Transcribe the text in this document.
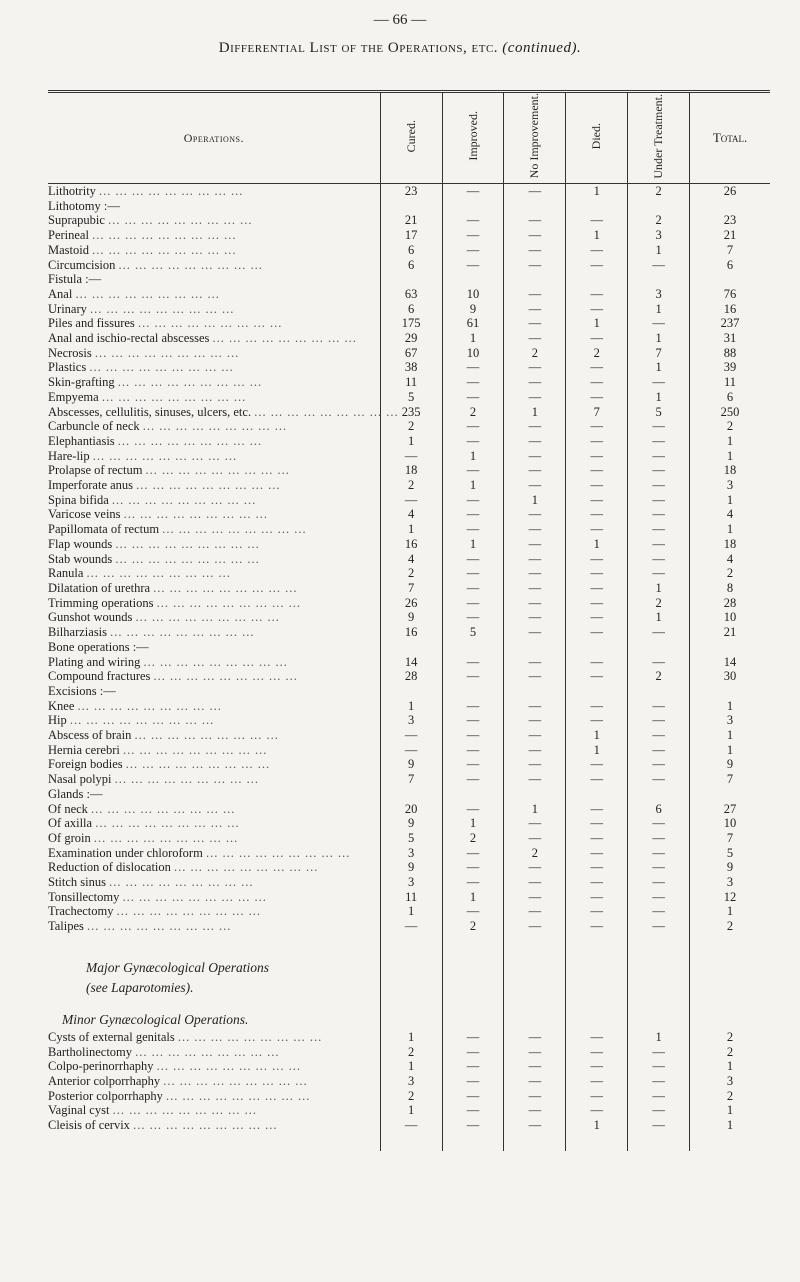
— 66 —
Differential List of the Operations, etc. (continued).
Operations.	Cured.	Improved.	No Improvement.	Died.	Under Treatment.	Total.
Lithotrity ... ... ... ... ... ... ... ... ...	23	—	—	1	2	26
Lithotomy :—						
Suprapubic ... ... ... ... ... ... ... ... ...	21	—	—	—	2	23
Perineal ... ... ... ... ... ... ... ... ...	17	—	—	1	3	21
Mastoid ... ... ... ... ... ... ... ... ...	6	—	—	—	1	7
Circumcision ... ... ... ... ... ... ... ... ...	6	—	—	—	—	6
Fistula :—						
Anal ... ... ... ... ... ... ... ... ...	63	10	—	—	3	76
Urinary ... ... ... ... ... ... ... ... ...	6	9	—	—	1	16
Piles and fissures ... ... ... ... ... ... ... ... ...	175	61	—	1	—	237
Anal and ischio-rectal abscesses ... ... ... ... ... ... ... ... ...	29	1	—	—	1	31
Necrosis ... ... ... ... ... ... ... ... ...	67	10	2	2	7	88
Plastics ... ... ... ... ... ... ... ... ...	38	—	—	—	1	39
Skin-grafting ... ... ... ... ... ... ... ... ...	11	—	—	—	—	11
Empyema ... ... ... ... ... ... ... ... ...	5	—	—	—	1	6
Abscesses, cellulitis, sinuses, ulcers, etc. ... ... ... ... ... ... ... ... ...	235	2	1	7	5	250
Carbuncle of neck ... ... ... ... ... ... ... ... ...	2	—	—	—	—	2
Elephantiasis ... ... ... ... ... ... ... ... ...	1	—	—	—	—	1
Hare-lip ... ... ... ... ... ... ... ... ...	—	1	—	—	—	1
Prolapse of rectum ... ... ... ... ... ... ... ... ...	18	—	—	—	—	18
Imperforate anus ... ... ... ... ... ... ... ... ...	2	1	—	—	—	3
Spina bifida ... ... ... ... ... ... ... ... ...	—	—	1	—	—	1
Varicose veins ... ... ... ... ... ... ... ... ...	4	—	—	—	—	4
Papillomata of rectum ... ... ... ... ... ... ... ... ...	1	—	—	—	—	1
Flap wounds ... ... ... ... ... ... ... ... ...	16	1	—	1	—	18
Stab wounds ... ... ... ... ... ... ... ... ...	4	—	—	—	—	4
Ranula ... ... ... ... ... ... ... ... ...	2	—	—	—	—	2
Dilatation of urethra ... ... ... ... ... ... ... ... ...	7	—	—	—	1	8
Trimming operations ... ... ... ... ... ... ... ... ...	26	—	—	—	2	28
Gunshot wounds ... ... ... ... ... ... ... ... ...	9	—	—	—	1	10
Bilharziasis ... ... ... ... ... ... ... ... ...	16	5	—	—	—	21
Bone operations :—						
Plating and wiring ... ... ... ... ... ... ... ... ...	14	—	—	—	—	14
Compound fractures ... ... ... ... ... ... ... ... ...	28	—	—	—	2	30
Excisions :—						
Knee ... ... ... ... ... ... ... ... ...	1	—	—	—	—	1
Hip ... ... ... ... ... ... ... ... ...	3	—	—	—	—	3
Abscess of brain ... ... ... ... ... ... ... ... ...	—	—	—	1	—	1
Hernia cerebri ... ... ... ... ... ... ... ... ...	—	—	—	1	—	1
Foreign bodies ... ... ... ... ... ... ... ... ...	9	—	—	—	—	9
Nasal polypi ... ... ... ... ... ... ... ... ...	7	—	—	—	—	7
Glands :—						
Of neck ... ... ... ... ... ... ... ... ...	20	—	1	—	6	27
Of axilla ... ... ... ... ... ... ... ... ...	9	1	—	—	—	10
Of groin ... ... ... ... ... ... ... ... ...	5	2	—	—	—	7
Examination under chloroform ... ... ... ... ... ... ... ... ...	3	—	2	—	—	5
Reduction of dislocation ... ... ... ... ... ... ... ... ...	9	—	—	—	—	9
Stitch sinus ... ... ... ... ... ... ... ... ...	3	—	—	—	—	3
Tonsillectomy ... ... ... ... ... ... ... ... ...	11	1	—	—	—	12
Trachectomy ... ... ... ... ... ... ... ... ...	1	—	—	—	—	1
Talipes ... ... ... ... ... ... ... ... ...	—	2	—	—	—	2

Major Gynæcological Operations						
(see Laparotomies).						

Minor Gynæcological Operations.						
Cysts of external genitals ... ... ... ... ... ... ... ... ...	1	—	—	—	1	2
Bartholinectomy ... ... ... ... ... ... ... ... ...	2	—	—	—	—	2
Colpo-perinorrhaphy ... ... ... ... ... ... ... ... ...	1	—	—	—	—	1
Anterior colporrhaphy ... ... ... ... ... ... ... ... ...	3	—	—	—	—	3
Posterior colporrhaphy ... ... ... ... ... ... ... ... ...	2	—	—	—	—	2
Vaginal cyst ... ... ... ... ... ... ... ... ...	1	—	—	—	—	1
Cleisis of cervix ... ... ... ... ... ... ... ... ...	—	—	—	1	—	1
